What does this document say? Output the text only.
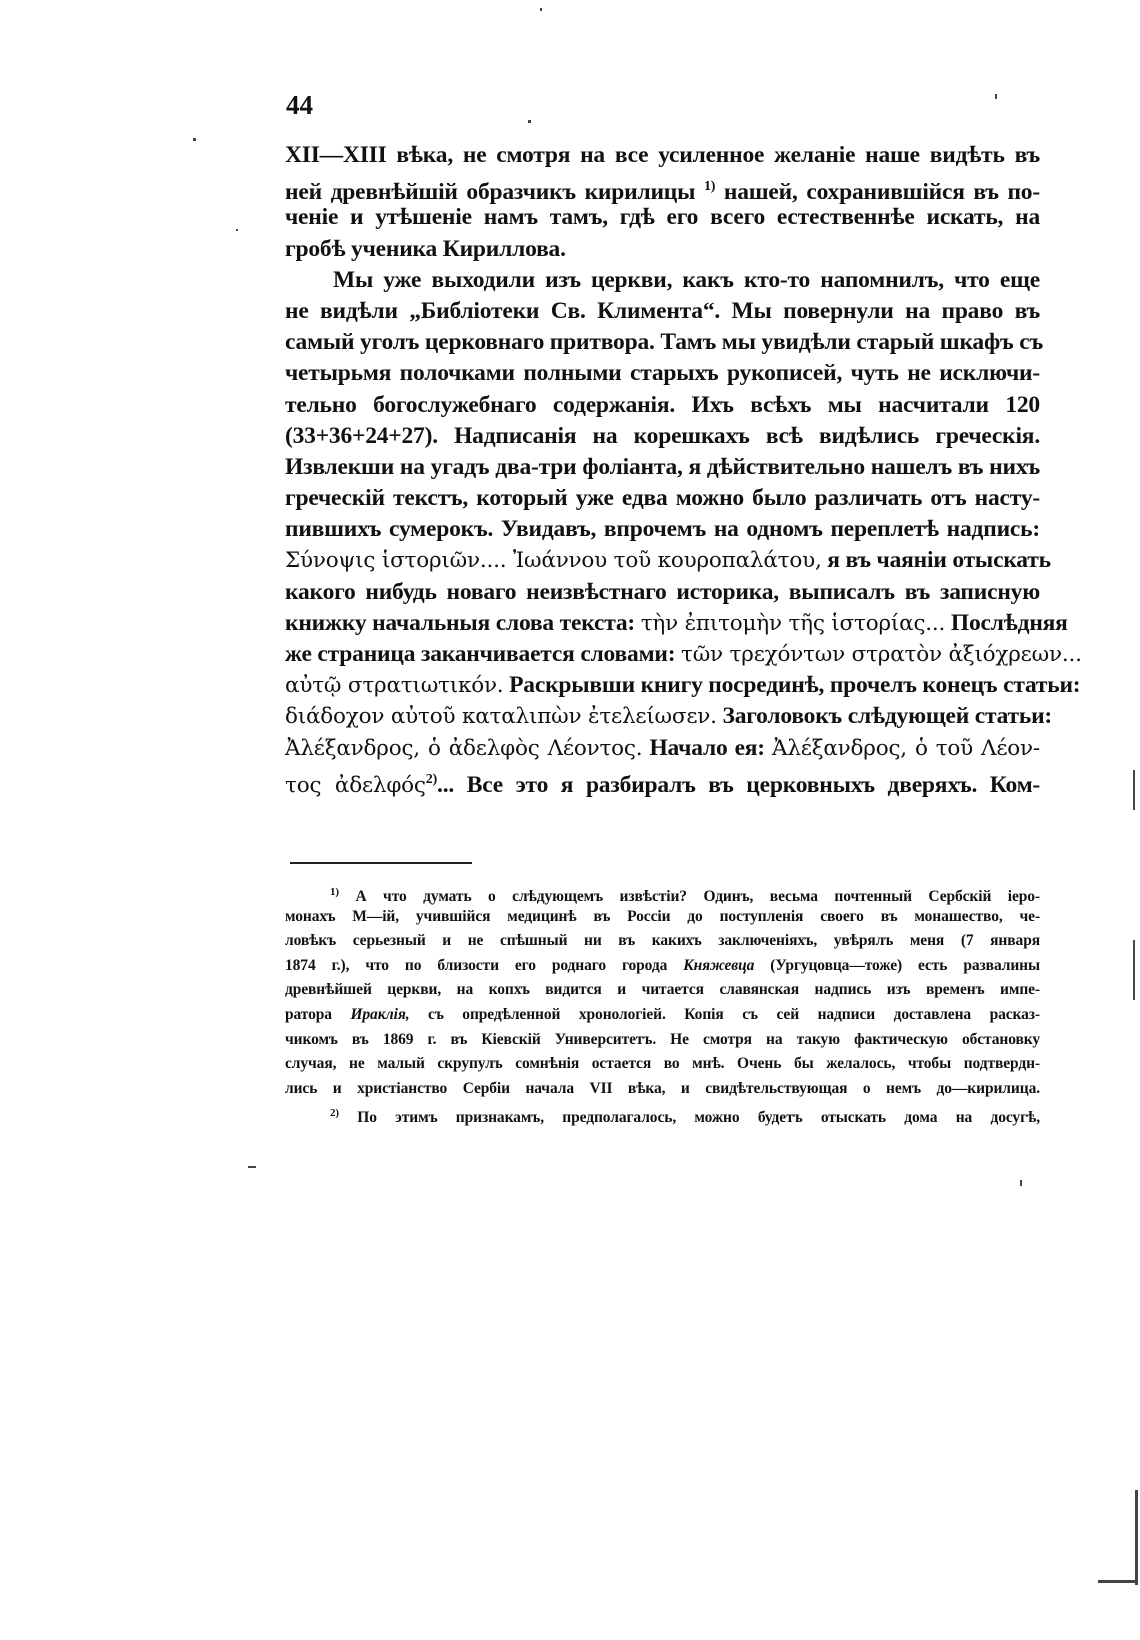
44
XII—XIII вѣка, не смотря на все усиленное желаніе наше видѣть въ
ней древнѣйшій образчикъ кирилицы $^{1)}$ нашей, сохранившійся въ по-
ченіе и утѣшеніе намъ тамъ, гдѣ его всего естественнѣе искать, на
гробѣ ученика Кириллова.
Мы уже выходили изъ церкви, какъ кто-то напомнилъ, что еще
не видѣли „Библіотеки Св. Климента“. Мы повернули на право въ
самый уголъ церковнаго притвора. Тамъ мы увидѣли старый шкафъ съ
четырьмя полочками полными старыхъ рукописей, чуть не исключи-
тельно богослужебнаго содержанія. Ихъ всѣхъ мы насчитали 120
(33+36+24+27). Надписанія на корешкахъ всѣ видѣлись греческія.
Извлекши на угадъ два-три фоліанта, я дѣйствительно нашелъ въ нихъ
греческій текстъ, который уже едва можно было различать отъ насту-
пившихъ сумерокъ. Увидавъ, впрочемъ на одномъ переплетѣ надпись:
Σύνοψις ἱστοριῶν.... Ἰωάννου τοῦ κουροπαλάτου, я въ чаяніи отыскать
какого нибудь новаго неизвѣстнаго историка, выписалъ въ записную
книжку начальныя слова текста: τὴν ἐπιτομὴν τῆς ἱστορίας... Послѣдняя
же страница заканчивается словами: τῶν τρεχόντων στρατὸν ἀξιόχρεων...
αὐτῷ στρατιωτικόν. Раскрывши книгу посрединѣ, прочелъ конецъ статьи:
διάδοχον αὐτοῦ καταλιπὼν ἐτελείωσεν. Заголовокъ слѣдующей статьи:
Ἀλέξανδρος, ὁ ἀδελφὸς Λέοντος. Начало ея: Ἀλέξανδρος, ὁ τοῦ Λέον-
τος ἀδελφός$^{2)}$... Все это я разбиралъ въ церковныхъ дверяхъ. Ком-
$^{1)}$ А что думать о слѣдующемъ извѣстіи? Одинъ, весьма почтенный Сербскій іеро-
монахъ М—ій, учившійся медицинѣ въ Россіи до поступленія своего въ монашество, че-
ловѣкъ серьезный и не спѣшный ни въ какихъ заключеніяхъ, увѣрялъ меня (7 января
1874 г.), что по близости его роднаго города Княжевца (Ургуцовца—тоже) есть развалины
древнѣйшей церкви, на копхъ видится и читается славянская надпись изъ временъ импе-
ратора Ираклія, съ опредѣленной хронологіей. Копія съ сей надписи доставлена расказ-
чикомъ въ 1869 г. въ Кіевскій Университетъ. Не смотря на такую фактическую обстановку
случая, не малый скрупулъ сомнѣнія остается во мнѣ. Очень бы желалось, чтобы подтвердн-
лись и христіанство Сербіи начала VII вѣка, и свидѣтельствующая о немъ до—кирилица.
$^{2)}$ По этимъ признакамъ, предполагалось, можно будетъ отыскать дома на досугѣ,
